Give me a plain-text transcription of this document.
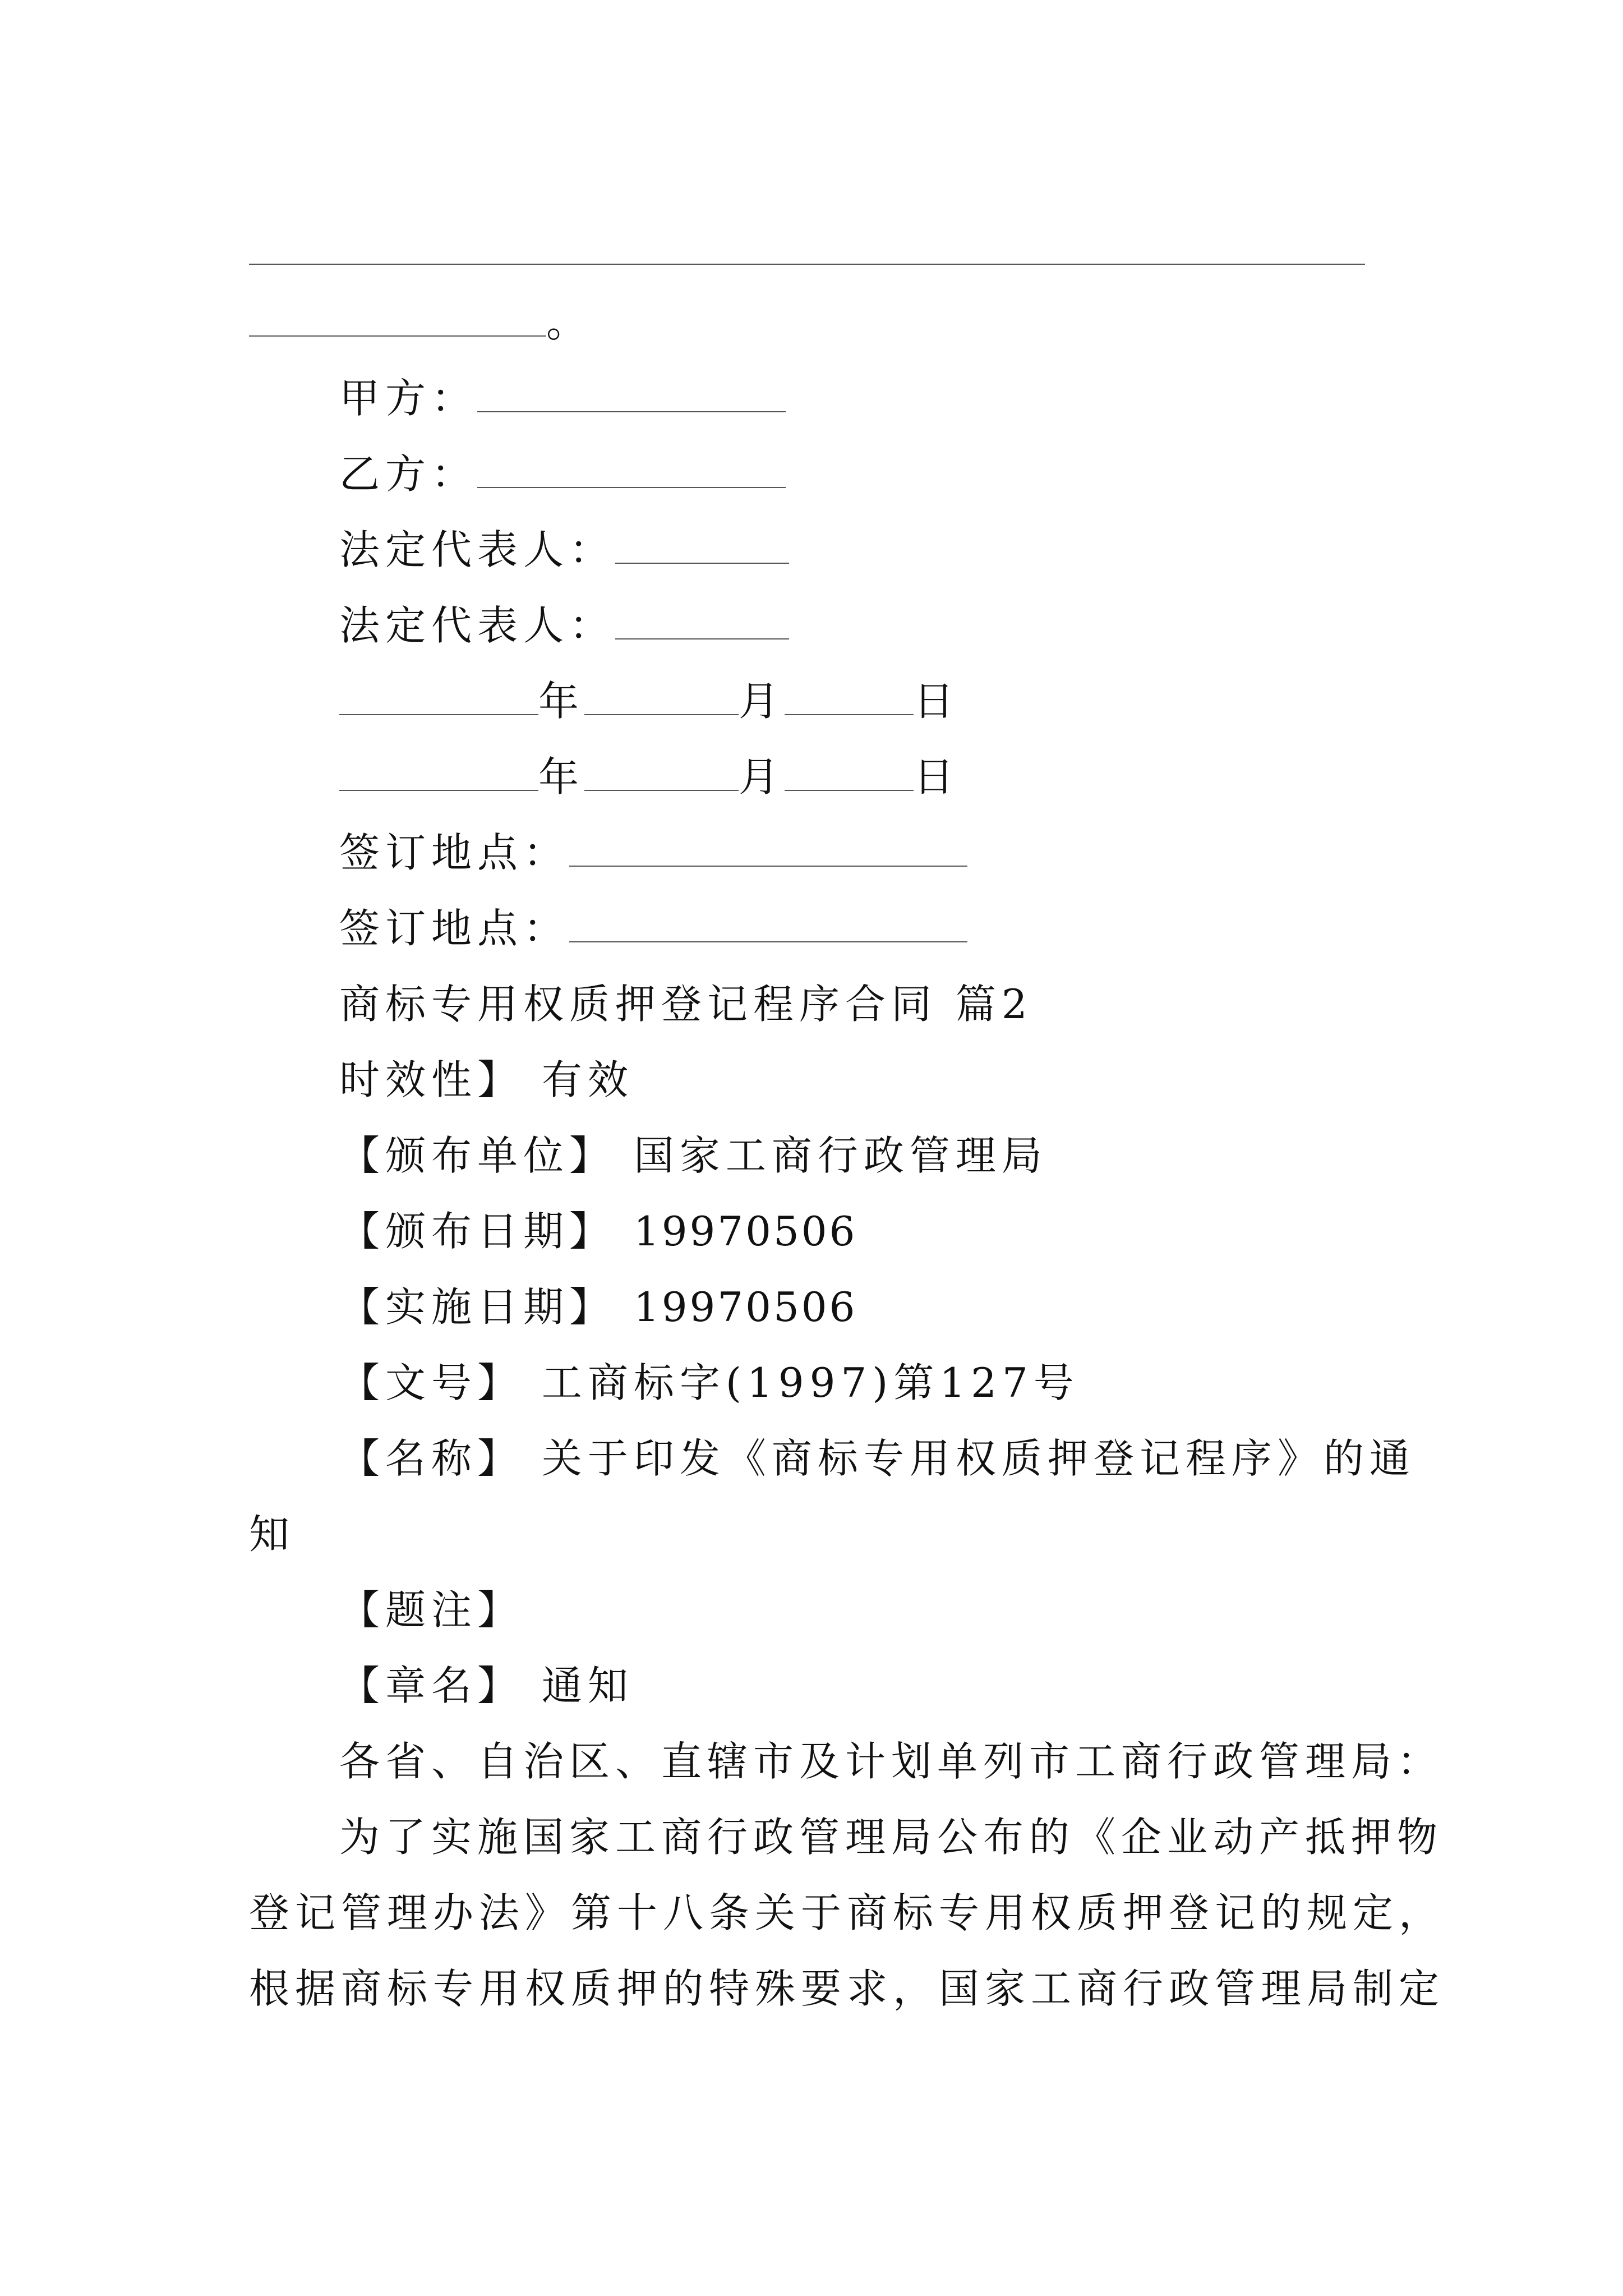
。
甲方：
乙方：
法定代表人：
法定代表人：
年	月	日
年	月	日
签订地点：
签订地点：
商标专用权质押登记程序合同 篇2
时效性】 有效
【颁布单位】 国家工商行政管理局
【颁布日期】 19970506
【实施日期】 19970506
【文号】 工商标字(1997)第127号
【名称】 关于印发《商标专用权质押登记程序》的通
知
【题注】
【章名】 通知
各省、自治区、直辖市及计划单列市工商行政管理局：
为了实施国家工商行政管理局公布的《企业动产抵押物
登记管理办法》第十八条关于商标专用权质押登记的规定，
根据商标专用权质押的特殊要求，国家工商行政管理局制定
